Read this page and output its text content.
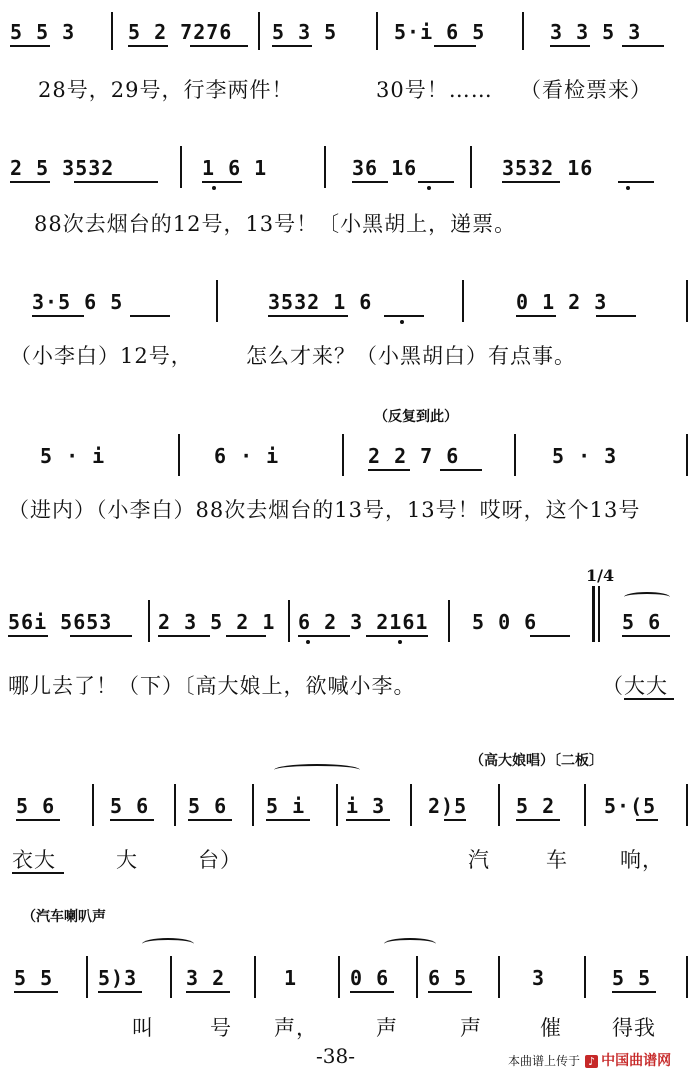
5 5 3	5 2 7276 5 3 5	5·i 6 5	3 3 5 3
28号，29号，行李两件！	30号！…… （看检票来）
2 5 3532	1 6 1	36 16	3532 16
88次去烟台的12号，13号！〔小黑胡上，递票。
3·5 6 5	3532 1 6	0 1 2 3
（小李白）12号，	怎么才来？（小黑胡白）有点事。
（反复到此）
5 · i	6 · i	2 2 7 6	5 · 3
（进内）（小李白）88次去烟台的13号，13号！哎呀，这个13号
1/4
56i 5653 2 3 5 2 1 6 2 3 2161 5 0 6	5 6
哪儿去了！（下）〔高大娘上，欲喊小李。	（大大
（高大娘唱）〔二板〕
5 6	5 6 5 6 5 i i 3 2)5 5 2 5·(5
衣大	大	台）	汽	车 响，
（汽车喇叭声
5 5 5)3 3 2	1	0 6 6 5	3	5 5
叫	号 声，	声	声	催 得我
-38-	本曲谱上传于 ♪ 中国曲谱网
